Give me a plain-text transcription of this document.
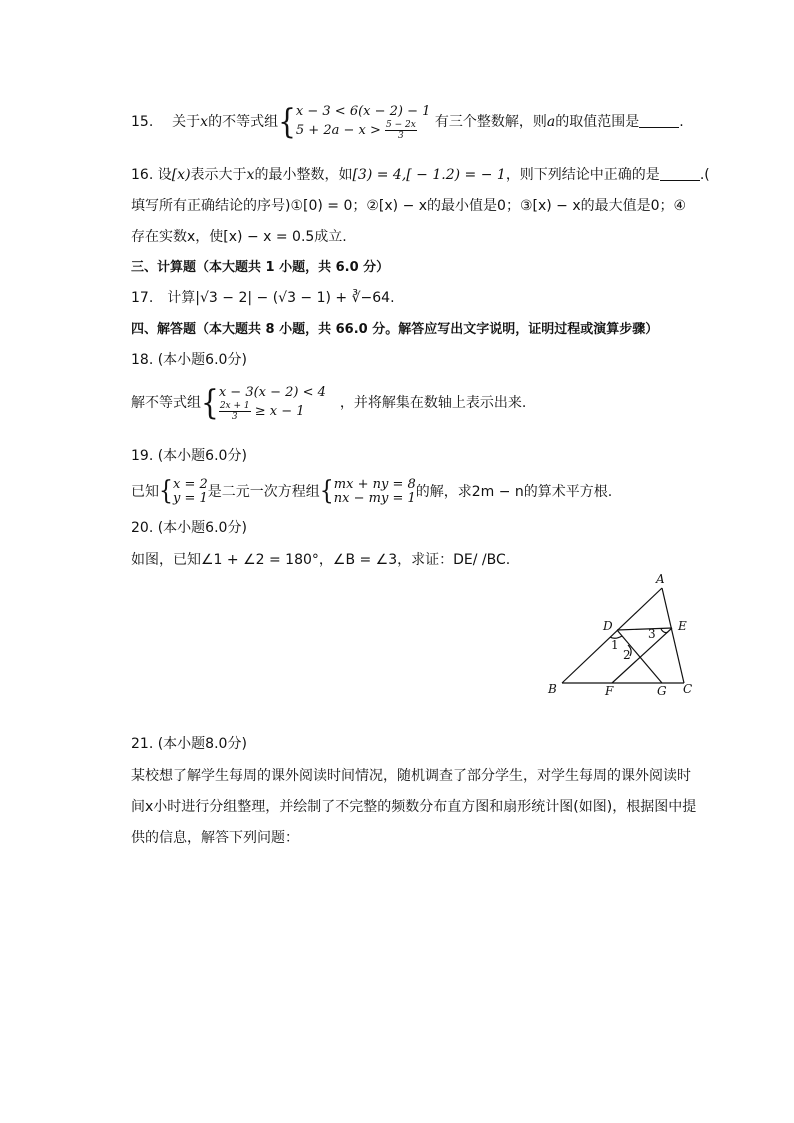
15. 关于x的不等式组{ x − 3 < 6(x − 2) − 1
$5 + 2a - x > \frac{5 - 2x}{3}$ 有三个整数解，则a的取值范围是	.
16. 设[x)表示大于x的最小整数，如[3) = 4,[ − 1.2) = − 1，则下列结论中正确的是	.(
填写所有正确结论的序号)①[0) = 0；②[x) − x的最小值是0；③[x) − x的最大值是0；④
存在实数x，使[x) − x = 0.5成立.
三、计算题（本大题共 1 小题，共 6.0 分）
17. 计算|√3 − 2| − (√3 − 1) + ∛−64.
四、解答题（本大题共 8 小题，共 66.0 分。解答应写出文字说明，证明过程或演算步骤）
18. (本小题6.0分)
解不等式组{ x − 3(x − 2) < 4
$\frac{2x + 1}{3} \ge x - 1$
，并将解集在数轴上表示出来.
19. (本小题6.0分)
已知{ x = 2
y = 1 是二元一次方程组{ mx + ny = 8
nx − my = 1 的解，求2m − n的算术平方根.
20. (本小题6.0分)
如图，已知∠1 + ∠2 = 180°，∠B = ∠3，求证：DE/ /BC.
A
B	C
D	E
F	G
1
2
3
21. (本小题8.0分)
某校想了解学生每周的课外阅读时间情况，随机调查了部分学生，对学生每周的课外阅读时
间x小时进行分组整理，并绘制了不完整的频数分布直方图和扇形统计图(如图)，根据图中提
供的信息，解答下列问题：
